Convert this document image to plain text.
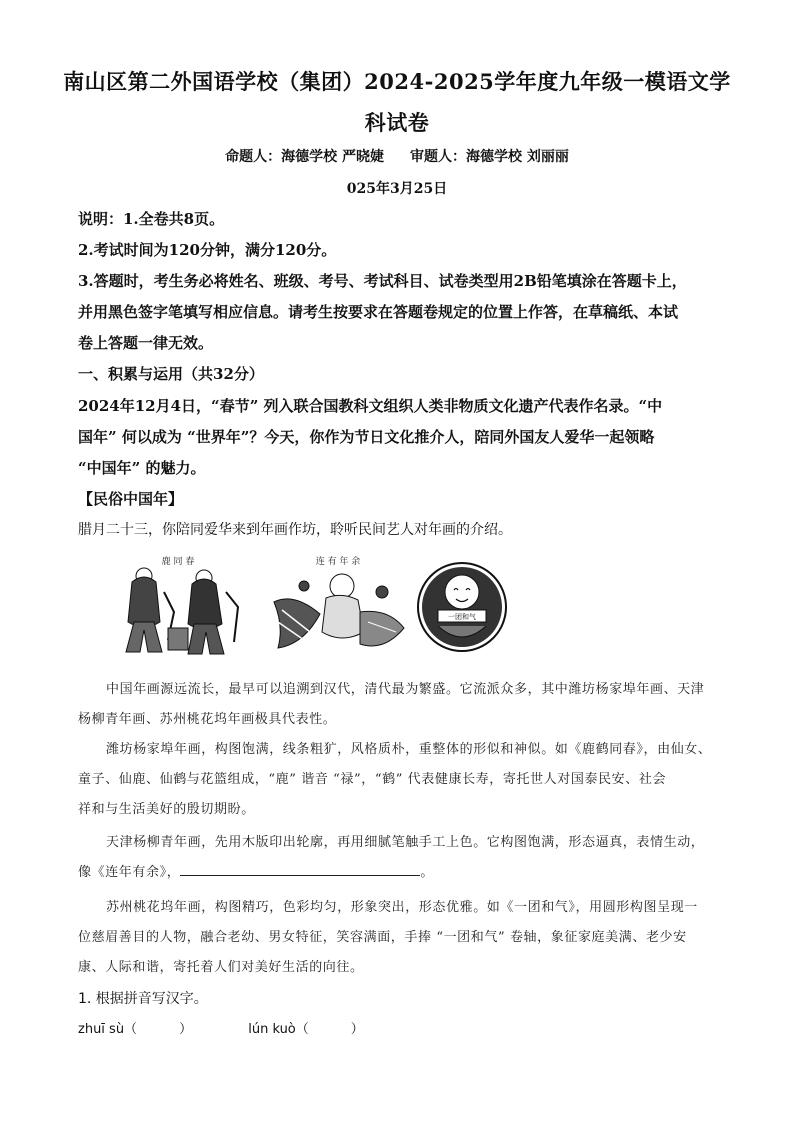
南山区第二外国语学校（集团）2024-2025学年度九年级一模语文学
科试卷
命题人：海德学校 严晓婕 审题人：海德学校 刘丽丽
025年3月25日
说明：1.全卷共8页。
2.考试时间为120分钟，满分120分。
3.答题时，考生务必将姓名、班级、考号、考试科目、试卷类型用2B铅笔填涂在答题卡上，
并用黑色签字笔填写相应信息。请考生按要求在答题卷规定的位置上作答，在草稿纸、本试
卷上答题一律无效。
一、积累与运用（共32分）
2024年12月4日，“春节” 列入联合国教科文组织人类非物质文化遗产代表作名录。“中
国年” 何以成为 “世界年”？今天，你作为节日文化推介人，陪同外国友人爱华一起领略
“中国年” 的魅力。
【民俗中国年】
腊月二十三，你陪同爱华来到年画作坊，聆听民间艺人对年画的介绍。
鹿 同 春	连 有 年 余
一团和气
中国年画源远流长，最早可以追溯到汉代，清代最为繁盛。它流派众多，其中潍坊杨家埠年画、天津
杨柳青年画、苏州桃花坞年画极具代表性。
潍坊杨家埠年画，构图饱满，线条粗犷，风格质朴，重整体的形似和神似。如《鹿鹤同春》，由仙女、
童子、仙鹿、仙鹤与花篮组成，“鹿” 谐音 “禄”，“鹤” 代表健康长寿，寄托世人对国泰民安、社会
祥和与生活美好的殷切期盼。
天津杨柳青年画，先用木版印出轮廓，再用细腻笔触手工上色。它构图饱满，形态逼真，表情生动，
像《连年有余》，	。
苏州桃花坞年画，构图精巧，色彩均匀，形象突出，形态优雅。如《一团和气》，用圆形构图呈现一
位慈眉善目的人物，融合老幼、男女特征，笑容满面，手捧 “一团和气” 卷轴，象征家庭美满、老少安
康、人际和谐，寄托着人们对美好生活的向往。
1. 根据拼音写汉字。
zhuī sù（	）	lún kuò（	）
